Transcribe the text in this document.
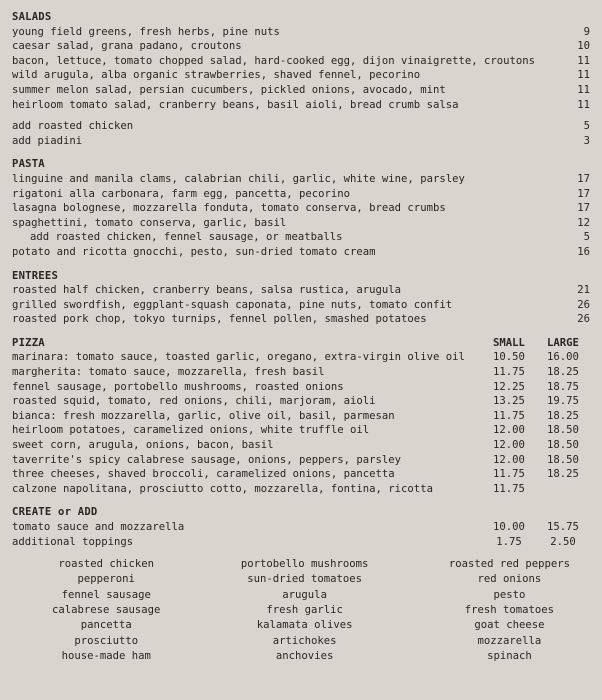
SALADS
young field greens, fresh herbs, pine nuts	9
caesar salad, grana padano, croutons	10
bacon, lettuce, tomato chopped salad, hard-cooked egg, dijon vinaigrette, croutons	11
wild arugula, alba organic strawberries, shaved fennel, pecorino	11
summer melon salad, persian cucumbers, pickled onions, avocado, mint	11
heirloom tomato salad, cranberry beans, basil aioli, bread crumb salsa	11
add roasted chicken	5
add piadini	3
PASTA
linguine and manila clams, calabrian chili, garlic, white wine, parsley	17
rigatoni alla carbonara, farm egg, pancetta, pecorino	17
lasagna bolognese, mozzarella fonduta, tomato conserva, bread crumbs	17
spaghettini, tomato conserva, garlic, basil	12
add roasted chicken, fennel sausage, or meatballs	5
potato and ricotta gnocchi, pesto, sun-dried tomato cream	16
ENTREES
roasted half chicken, cranberry beans, salsa rustica, arugula	21
grilled swordfish, eggplant-squash caponata, pine nuts, tomato confit	26
roasted pork chop, tokyo turnips, fennel pollen, smashed potatoes	26
PIZZA	SMALL	LARGE
marinara: tomato sauce, toasted garlic, oregano, extra-virgin olive oil	10.50	16.00
margherita: tomato sauce, mozzarella, fresh basil	11.75	18.25
fennel sausage, portobello mushrooms, roasted onions	12.25	18.75
roasted squid, tomato, red onions, chili, marjoram, aioli	13.25	19.75
bianca: fresh mozzarella, garlic, olive oil, basil, parmesan	11.75	18.25
heirloom potatoes, caramelized onions, white truffle oil	12.00	18.50
sweet corn, arugula, onions, bacon, basil	12.00	18.50
taverrite's spicy calabrese sausage, onions, peppers, parsley	12.00	18.50
three cheeses, shaved broccoli, caramelized onions, pancetta	11.75	18.25
calzone napolitana, prosciutto cotto, mozzarella, fontina, ricotta	11.75
CREATE or ADD
tomato sauce and mozzarella	10.00	15.75
additional toppings	1.75	2.50
roasted chicken
pepperoni
fennel sausage
calabrese sausage
pancetta
prosciutto
house-made ham
portobello mushrooms
sun-dried tomatoes
arugula
fresh garlic
kalamata olives
artichokes
anchovies
roasted red peppers
red onions
pesto
fresh tomatoes
goat cheese
mozzarella
spinach
